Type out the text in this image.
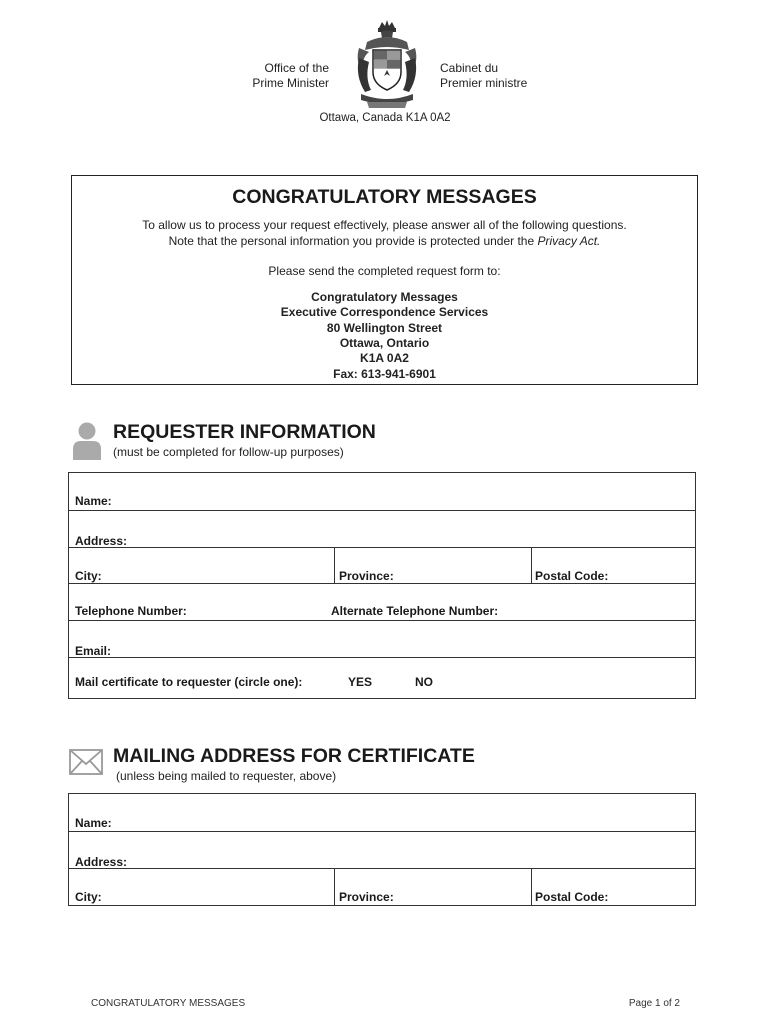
Office of the
Prime Minister
Cabinet du
Premier ministre
Ottawa, Canada K1A 0A2
CONGRATULATORY MESSAGES
To allow us to process your request effectively, please answer all of the following questions.
Note that the personal information you provide is protected under the Privacy Act.
Please send the completed request form to:
Congratulatory Messages
Executive Correspondence Services
80 Wellington Street
Ottawa, Ontario
K1A 0A2
Fax: 613-941-6901
REQUESTER INFORMATION
(must be completed for follow-up purposes)
Name:
Address:
City:	Province:	Postal Code:
Telephone Number:	Alternate Telephone Number:
Email:
Mail certificate to requester (circle one):	YES	NO
MAILING ADDRESS FOR CERTIFICATE
(unless being mailed to requester, above)
Name:
Address:
City:	Province:	Postal Code:
CONGRATULATORY MESSAGES	Page 1 of 2
